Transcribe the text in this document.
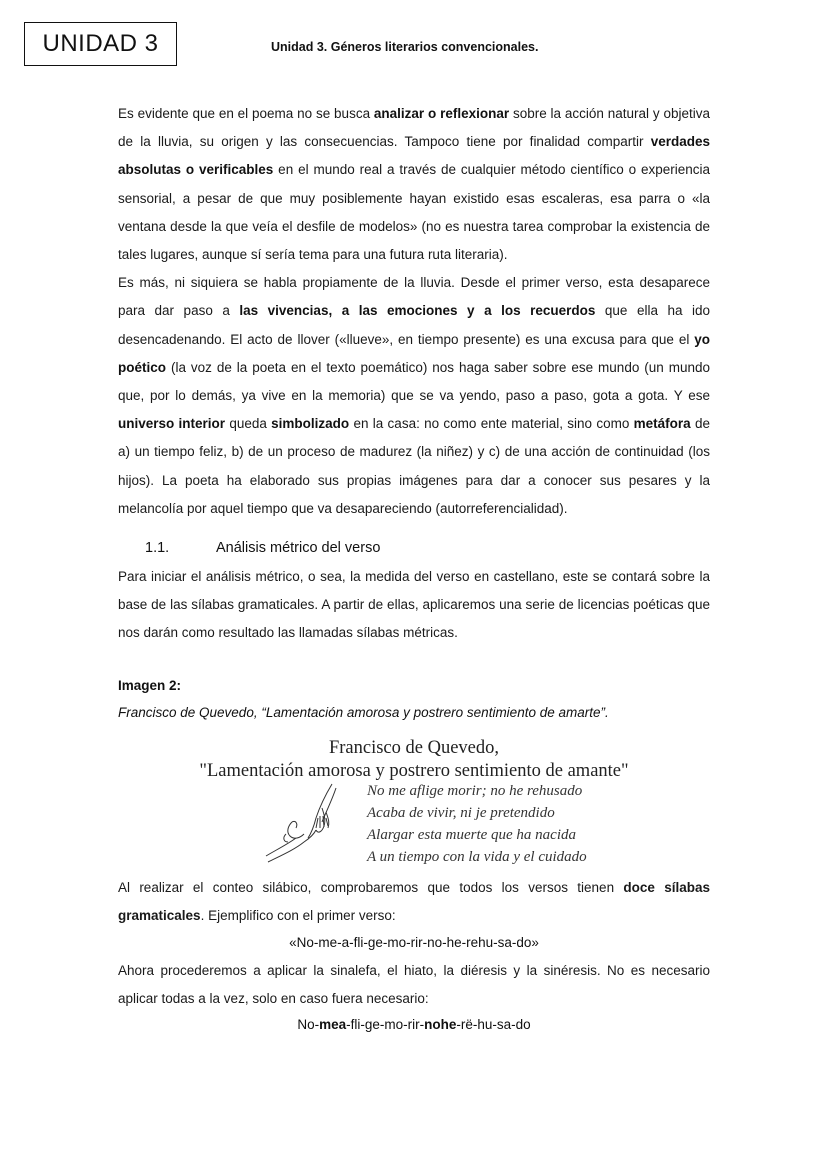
UNIDAD 3	Unidad 3. Géneros literarios convencionales.

Es evidente que en el poema no se busca analizar o reflexionar sobre la acción natural y objetiva de la lluvia, su origen y las consecuencias. Tampoco tiene por finalidad compartir verdades absolutas o verificables en el mundo real a través de cualquier método científico o experiencia sensorial, a pesar de que muy posiblemente hayan existido esas escaleras, esa parra o «la ventana desde la que veía el desfile de modelos» (no es nuestra tarea comprobar la existencia de tales lugares, aunque sí sería tema para una futura ruta literaria).

Es más, ni siquiera se habla propiamente de la lluvia. Desde el primer verso, esta desaparece para dar paso a las vivencias, a las emociones y a los recuerdos que ella ha ido desencadenando. El acto de llover («llueve», en tiempo presente) es una excusa para que el yo poético (la voz de la poeta en el texto poemático) nos haga saber sobre ese mundo (un mundo que, por lo demás, ya vive en la memoria) que se va yendo, paso a paso, gota a gota. Y ese universo interior queda simbolizado en la casa: no como ente material, sino como metáfora de a) un tiempo feliz, b) de un proceso de madurez (la niñez) y c) de una acción de continuidad (los hijos). La poeta ha elaborado sus propias imágenes para dar a conocer sus pesares y la melancolía por aquel tiempo que va desapareciendo (autorreferencialidad).

1.1.	Análisis métrico del verso

Para iniciar el análisis métrico, o sea, la medida del verso en castellano, este se contará sobre la base de las sílabas gramaticales. A partir de ellas, aplicaremos una serie de licencias poéticas que nos darán como resultado las llamadas sílabas métricas.

Imagen 2:
Francisco de Quevedo, “Lamentación amorosa y postrero sentimiento de amarte”.
Francisco de Quevedo,
"Lamentación amorosa y postrero sentimiento de amante"
No me aflige morir; no he rehusado
Acaba de vivir, ni je pretendido
Alargar esta muerte que ha nacida
A un tiempo con la vida y el cuidado

Al realizar el conteo silábico, comprobaremos que todos los versos tienen doce sílabas gramaticales. Ejemplifico con el primer verso:

«No-me-a-fli-ge-mo-rir-no-he-rehu-sa-do»

Ahora procederemos a aplicar la sinalefa, el hiato, la diéresis y la sinéresis. No es necesario aplicar todas a la vez, solo en caso fuera necesario:

No-mea-fli-ge-mo-rir-nohe-rë-hu-sa-do
